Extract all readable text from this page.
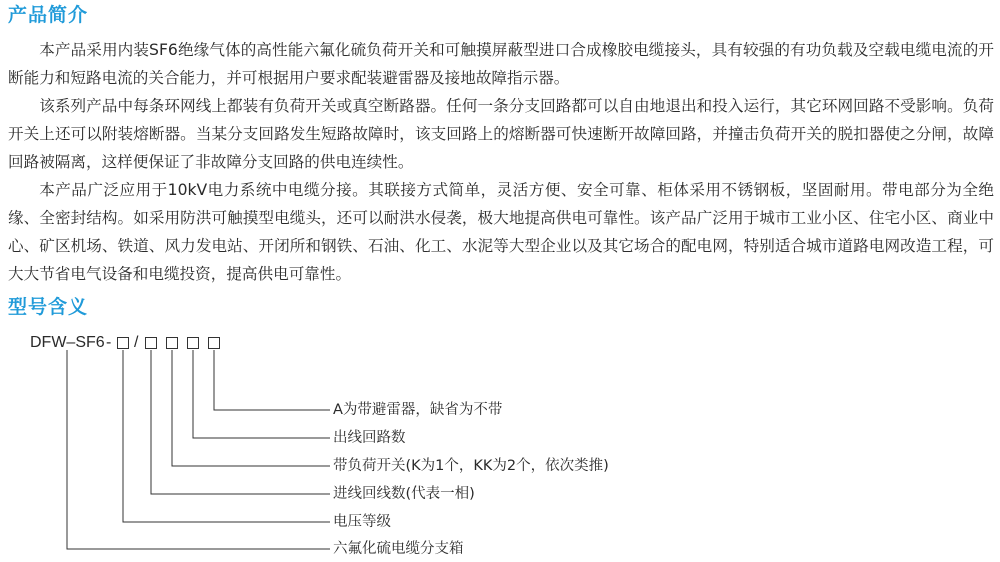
产品简介

本产品采用内装SF6绝缘气体的高性能六氟化硫负荷开关和可触摸屏蔽型进口合成橡胶电缆接头，具有较强的有功负载及空载电缆电流的开断能力和短路电流的关合能力，并可根据用户要求配装避雷器及接地故障指示器。

该系列产品中每条环网线上都装有负荷开关或真空断路器。任何一条分支回路都可以自由地退出和投入运行，其它环网回路不受影响。负荷开关上还可以附装熔断器。当某分支回路发生短路故障时，该支回路上的熔断器可快速断开故障回路，并撞击负荷开关的脱扣器使之分闸，故障回路被隔离，这样便保证了非故障分支回路的供电连续性。

本产品广泛应用于10kV电力系统中电缆分接。其联接方式简单，灵活方便、安全可靠、柜体采用不锈钢板，坚固耐用。带电部分为全绝缘、全密封结构。如采用防洪可触摸型电缆头，还可以耐洪水侵袭，极大地提高供电可靠性。该产品广泛用于城市工业小区、住宅小区、商业中心、矿区机场、铁道、风力发电站、开闭所和钢铁、石油、化工、水泥等大型企业以及其它场合的配电网，特别适合城市道路电网改造工程，可大大节省电气设备和电缆投资，提高供电可靠性。

型号含义
DFW–SF6 - /
A为带避雷器，缺省为不带
出线回路数
带负荷开关(K为1个，KK为2个，依次类推)
进线回线数(代表一相)
电压等级
六氟化硫电缆分支箱
